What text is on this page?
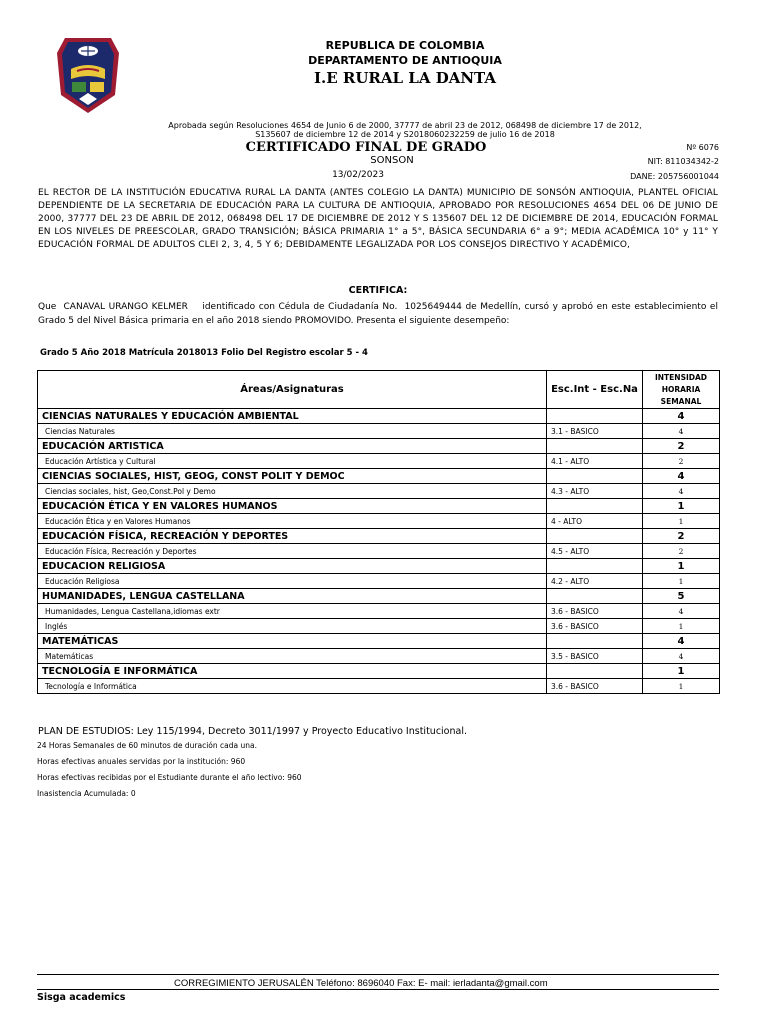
REPUBLICA DE COLOMBIA
DEPARTAMENTO DE ANTIOQUIA
I.E RURAL LA DANTA
Aprobada según Resoluciones 4654 de Junio 6 de 2000, 37777 de abril 23 de 2012, 068498 de diciembre 17 de 2012,
S135607 de diciembre 12 de 2014 y S2018060232259 de julio 16 de 2018
CERTIFICADO FINAL DE GRADO
SONSON
13/02/2023
Nº 6076
NIT: 811034342-2
DANE: 205756001044
EL RECTOR DE LA INSTITUCIÓN EDUCATIVA RURAL LA DANTA (ANTES COLEGIO LA DANTA) MUNICIPIO DE SONSÓN ANTIOQUIA, PLANTEL OFICIAL DEPENDIENTE DE LA SECRETARIA DE EDUCACIÓN PARA LA CULTURA DE ANTIOQUIA, APROBADO POR RESOLUCIONES 4654 DEL 06 DE JUNIO DE 2000, 37777 DEL 23 DE ABRIL DE 2012, 068498 DEL 17 DE DICIEMBRE DE 2012 Y S 135607 DEL 12 DE DICIEMBRE DE 2014, EDUCACIÓN FORMAL EN LOS NIVELES DE PREESCOLAR, GRADO TRANSICIÓN; BÁSICA PRIMARIA 1° a 5°, BÁSICA SECUNDARIA 6° a 9°; MEDIA ACADÉMICA 10° y 11° Y EDUCACIÓN FORMAL DE ADULTOS CLEI 2, 3, 4, 5 Y 6; DEBIDAMENTE LEGALIZADA POR LOS CONSEJOS DIRECTIVO Y ACADÉMICO,
CERTIFICA:
Que CANAVAL URANGO KELMER identificado con Cédula de Ciudadanía No. 1025649444 de Medellín, cursó y aprobó en este establecimiento el Grado 5 del Nivel Básica primaria en el año 2018 siendo PROMOVIDO. Presenta el siguiente desempeño:
Grado 5 Año 2018 Matrícula 2018013 Folio Del Registro escolar 5 - 4
Áreas/Asignaturas	Esc.Int - Esc.Na	INTENSIDAD
HORARIA
SEMANAL

CIENCIAS NATURALES Y EDUCACIÓN AMBIENTAL		4
Ciencias Naturales	3.1 - BASICO	4
EDUCACIÓN ARTISTICA		2
Educación Artística y Cultural	4.1 - ALTO	2
CIENCIAS SOCIALES, HIST, GEOG, CONST POLIT Y DEMOC		4
Ciencias sociales, hist, Geo,Const.Pol y Demo	4.3 - ALTO	4
EDUCACIÓN ÉTICA Y EN VALORES HUMANOS		1
Educación Ética y en Valores Humanos	4 - ALTO	1
EDUCACIÓN FÍSICA, RECREACIÓN Y DEPORTES		2
Educación Física, Recreación y Deportes	4.5 - ALTO	2
EDUCACION RELIGIOSA		1
Educación Religiosa	4.2 - ALTO	1
HUMANIDADES, LENGUA CASTELLANA		5
Humanidades, Lengua Castellana,idiomas extr	3.6 - BASICO	4
Inglés	3.6 - BASICO	1
MATEMÁTICAS		4
Matemáticas	3.5 - BASICO	4
TECNOLOGÍA E INFORMÁTICA		1
Tecnología e Informática	3.6 - BASICO	1
PLAN DE ESTUDIOS: Ley 115/1994, Decreto 3011/1997 y Proyecto Educativo Institucional.
24 Horas Semanales de 60 minutos de duración cada una.
Horas efectivas anuales servidas por la institución: 960
Horas efectivas recibidas por el Estudiante durante el año lectivo: 960
Inasistencia Acumulada: 0
CORREGIMIENTO JERUSALÉN Teléfono: 8696040 Fax: E- mail: ierladanta@gmail.com
Sisga academics
